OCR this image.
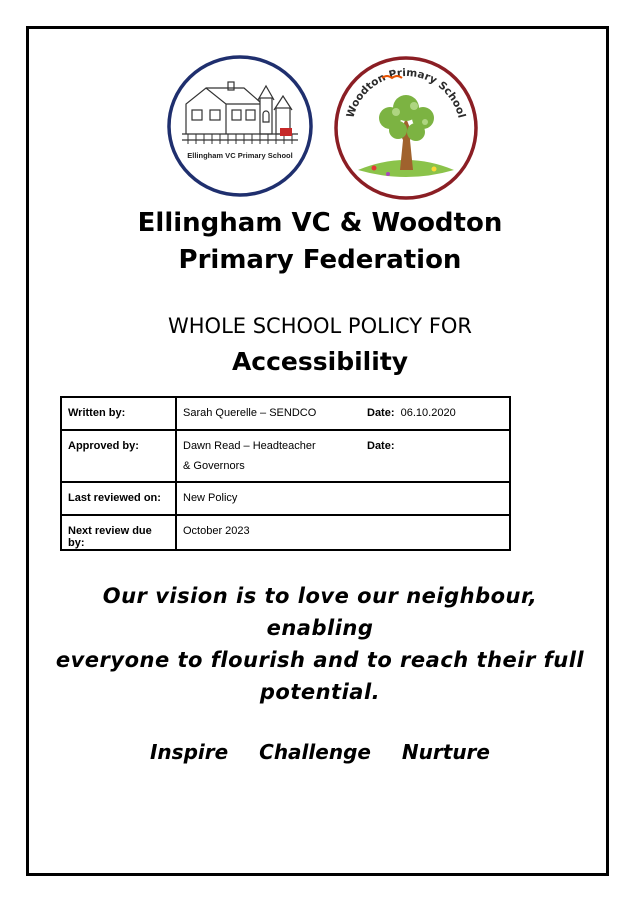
Ellingham VC Primary School
Woodton Primary School
Ellingham VC & Woodton
Primary Federation
WHOLE SCHOOL POLICY FOR
Accessibility
Written by:	Sarah Querelle – SENDCO Date: 06.10.2020

Approved by:	Dawn Read – Headteacher
& Governors
Date:

Last reviewed on:	New Policy

Next review due by:	October 2023
Our vision is to love our neighbour, enabling
everyone to flourish and to reach their full
potential.
Inspire Challenge Nurture
